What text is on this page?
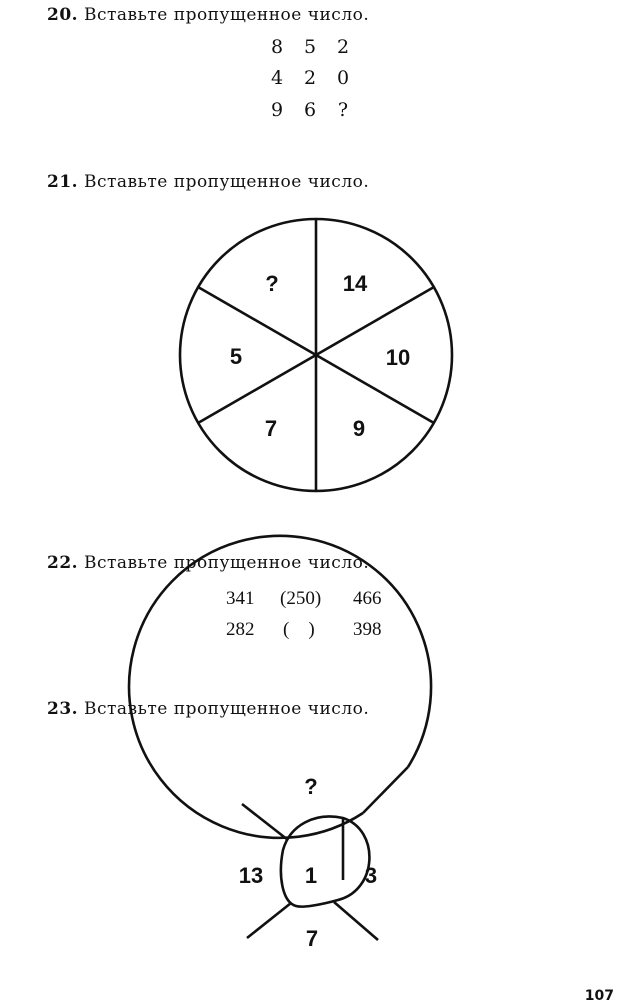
20. Вставьте пропущенное число.
8	5	2
4	2	0
9	6	?
21. Вставьте пропущенное число.
?	14
10
9
7
5
?
1 3
13
7
22. Вставьте пропущенное число.
341 (250) 466
282 (    ) 398
23. Вставьте пропущенное число.
107
